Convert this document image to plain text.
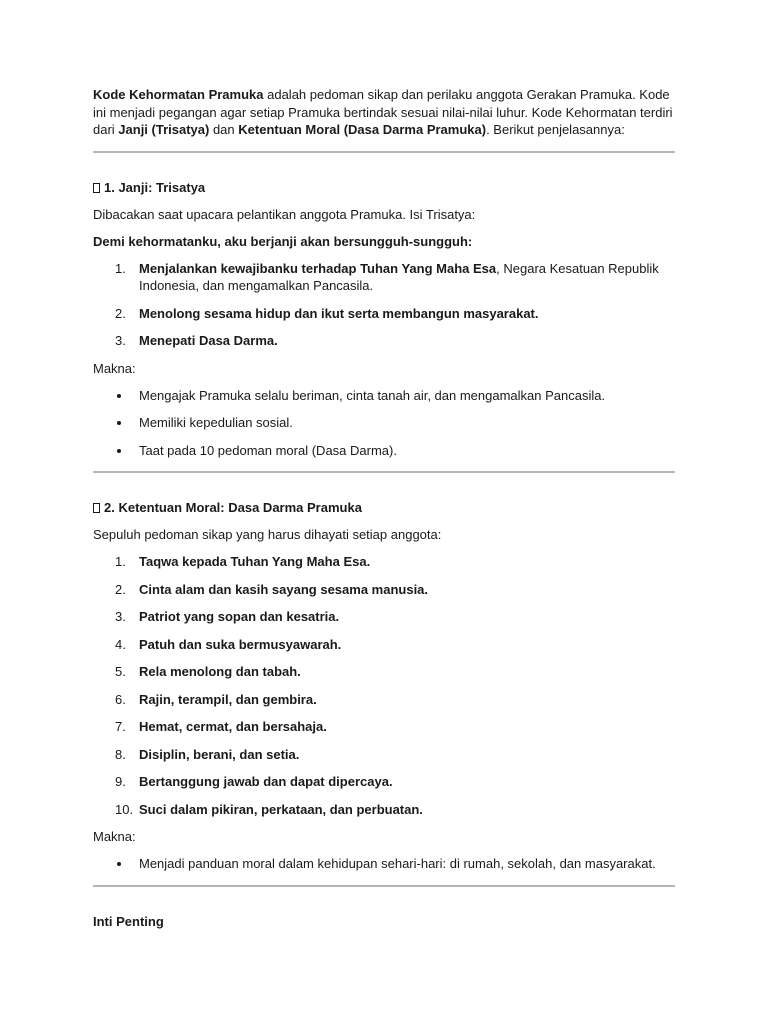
Kode Kehormatan Pramuka adalah pedoman sikap dan perilaku anggota Gerakan Pramuka. Kode ini menjadi pegangan agar setiap Pramuka bertindak sesuai nilai-nilai luhur. Kode Kehormatan terdiri dari Janji (Trisatya) dan Ketentuan Moral (Dasa Darma Pramuka). Berikut penjelasannya:

1. Janji: Trisatya

Dibacakan saat upacara pelantikan anggota Pramuka. Isi Trisatya:

Demi kehormatanku, aku berjanji akan bersungguh-sungguh:

1.	Menjalankan kewajibanku terhadap Tuhan Yang Maha Esa, Negara Kesatuan Republik Indonesia, dan mengamalkan Pancasila.
2.	Menolong sesama hidup dan ikut serta membangun masyarakat.
3.	Menepati Dasa Darma.

Makna:

Mengajak Pramuka selalu beriman, cinta tanah air, dan mengamalkan Pancasila.
Memiliki kepedulian sosial.
Taat pada 10 pedoman moral (Dasa Darma).

2. Ketentuan Moral: Dasa Darma Pramuka

Sepuluh pedoman sikap yang harus dihayati setiap anggota:

1.	Taqwa kepada Tuhan Yang Maha Esa.
2.	Cinta alam dan kasih sayang sesama manusia.
3.	Patriot yang sopan dan kesatria.
4.	Patuh dan suka bermusyawarah.
5.	Rela menolong dan tabah.
6.	Rajin, terampil, dan gembira.
7.	Hemat, cermat, dan bersahaja.
8.	Disiplin, berani, dan setia.
9.	Bertanggung jawab dan dapat dipercaya.
10. Suci dalam pikiran, perkataan, dan perbuatan.

Makna:

Menjadi panduan moral dalam kehidupan sehari-hari: di rumah, sekolah, dan masyarakat.

Inti Penting
